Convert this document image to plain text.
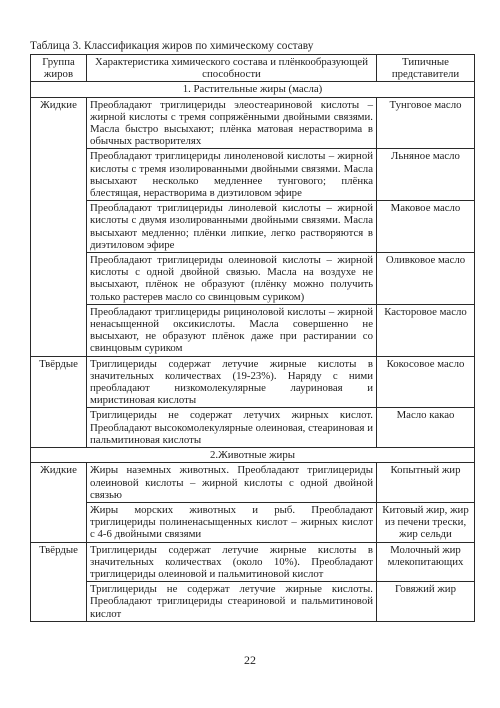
Таблица 3. Классификация жиров по химическому составу
Группа жиров	Характеристика химического состава и плёнкообразующей способности	Типичные представители
1. Растительные жиры (масла)		
Жидкие	Преобладают триглицериды элеостеариновой кислоты – жирной кислоты с тремя сопряжёнными двойными связями. Масла быстро высыхают; плёнка матовая нерастворима в обычных растворителях	Тунговое масло
	Преобладают триглицериды линоленовой кислоты – жирной кислоты с тремя изолированными двойными связями. Масла высыхают несколько медленнее тунгового; плёнка блестящая, нерастворима в диэтиловом эфире	Льняное масло
	Преобладают триглицериды линолевой кислоты – жирной кислоты с двумя изолированными двойными связями. Масла высыхают медленно; плёнки липкие, легко растворяются в диэтиловом эфире	Маковое масло
	Преобладают триглицериды олеиновой кислоты – жирной кислоты с одной двойной связью. Масла на воздухе не высыхают, плёнок не образуют (плёнку можно получить только растерев масло со свинцовым суриком)	Оливковое масло
	Преобладают триглицериды рициноловой кислоты – жирной ненасыщенной оксикислоты. Масла совершенно не высыхают, не образуют плёнок даже при растирании со свинцовым суриком	Касторовое масло
Твёрдые	Триглицериды содержат летучие жирные кислоты в значительных количествах (19-23%). Наряду с ними преобладают низкомолекулярные лауриновая и миристиновая кислоты	Кокосовое масло
	Триглицериды не содержат летучих жирных кислот. Преобладают высокомолекулярные олеиновая, стеариновая и пальмитиновая кислоты	Масло какао
2.Животные жиры		
Жидкие	Жиры наземных животных. Преобладают триглицериды олеиновой кислоты – жирной кислоты с одной двойной связью	Копытный жир
	Жиры морских животных и рыб. Преобладают триглицериды полиненасыщенных кислот – жирных кислот с 4-6 двойными связями	Китовый жир, жир из печени трески, жир сельди
Твёрдые	Триглицериды содержат летучие жирные кислоты в значительных количествах (около 10%). Преобладают триглицериды олеиновой и пальмитиновой кислот	Молочный жир млекопитающих
	Триглицериды не содержат летучие жирные кислоты. Преобладают триглицериды стеариновой и пальмитиновой кислот	Говяжий жир
22
